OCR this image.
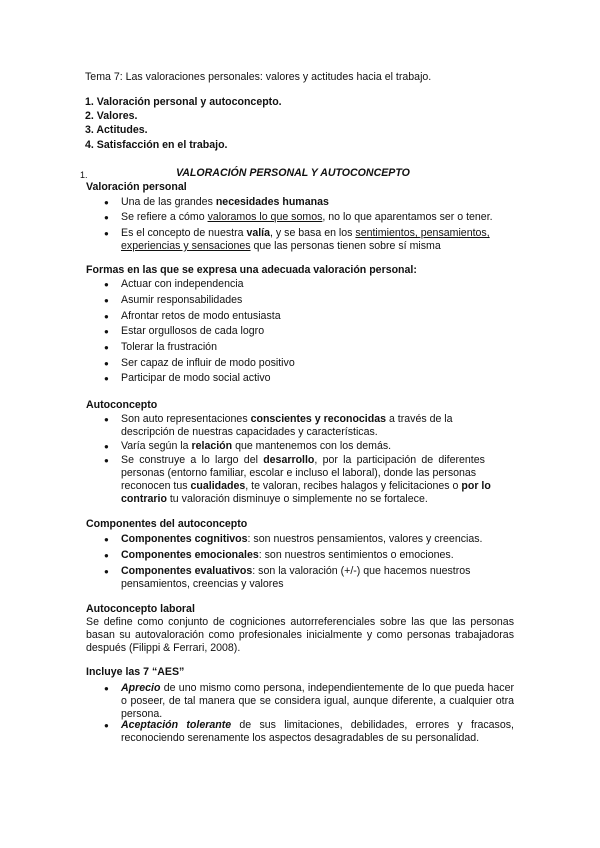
Tema 7: Las valoraciones personales: valores y actitudes hacia el trabajo.
1. Valoración personal y autoconcepto.
2. Valores.
3. Actitudes.
4. Satisfacción en el trabajo.
1.	VALORACIÓN PERSONAL Y AUTOCONCEPTO
Valoración personal
● Una de las grandes necesidades humanas
● Se refiere a cómo valoramos lo que somos, no lo que aparentamos ser o tener.
● Es el concepto de nuestra valía, y se basa en los sentimientos, pensamientos,
experiencias y sensaciones que las personas tienen sobre sí misma
Formas en las que se expresa una adecuada valoración personal:
● Actuar con independencia
● Asumir responsabilidades
● Afrontar retos de modo entusiasta
● Estar orgullosos de cada logro
● Tolerar la frustración
● Ser capaz de influir de modo positivo
● Participar de modo social activo
Autoconcepto
● Son auto representaciones conscientes y reconocidas a través de la
descripción de nuestras capacidades y características.
● Varía según la relación que mantenemos con los demás.
● Se construye a lo largo del desarrollo, por la participación de diferentes
personas (entorno familiar, escolar e incluso el laboral), donde las personas
reconocen tus cualidades, te valoran, recibes halagos y felicitaciones o por lo
contrario tu valoración disminuye o simplemente no se fortalece.
Componentes del autoconcepto
● Componentes cognitivos: son nuestros pensamientos, valores y creencias.
● Componentes emocionales: son nuestros sentimientos o emociones.
● Componentes evaluativos: son la valoración (+/-) que hacemos nuestros
pensamientos, creencias y valores
Autoconcepto laboral
Se define como conjunto de cogniciones autorreferenciales sobre las que las personas basan su autovaloración como profesionales inicialmente y como personas trabajadoras después (Filippi & Ferrari, 2008).
Incluye las 7 “AES”
● Aprecio de uno mismo como persona, independientemente de lo que pueda hacer o poseer, de tal manera que se considera igual, aunque diferente, a cualquier otra persona.
● Aceptación tolerante de sus limitaciones, debilidades, errores y fracasos, reconociendo serenamente los aspectos desagradables de su personalidad.
